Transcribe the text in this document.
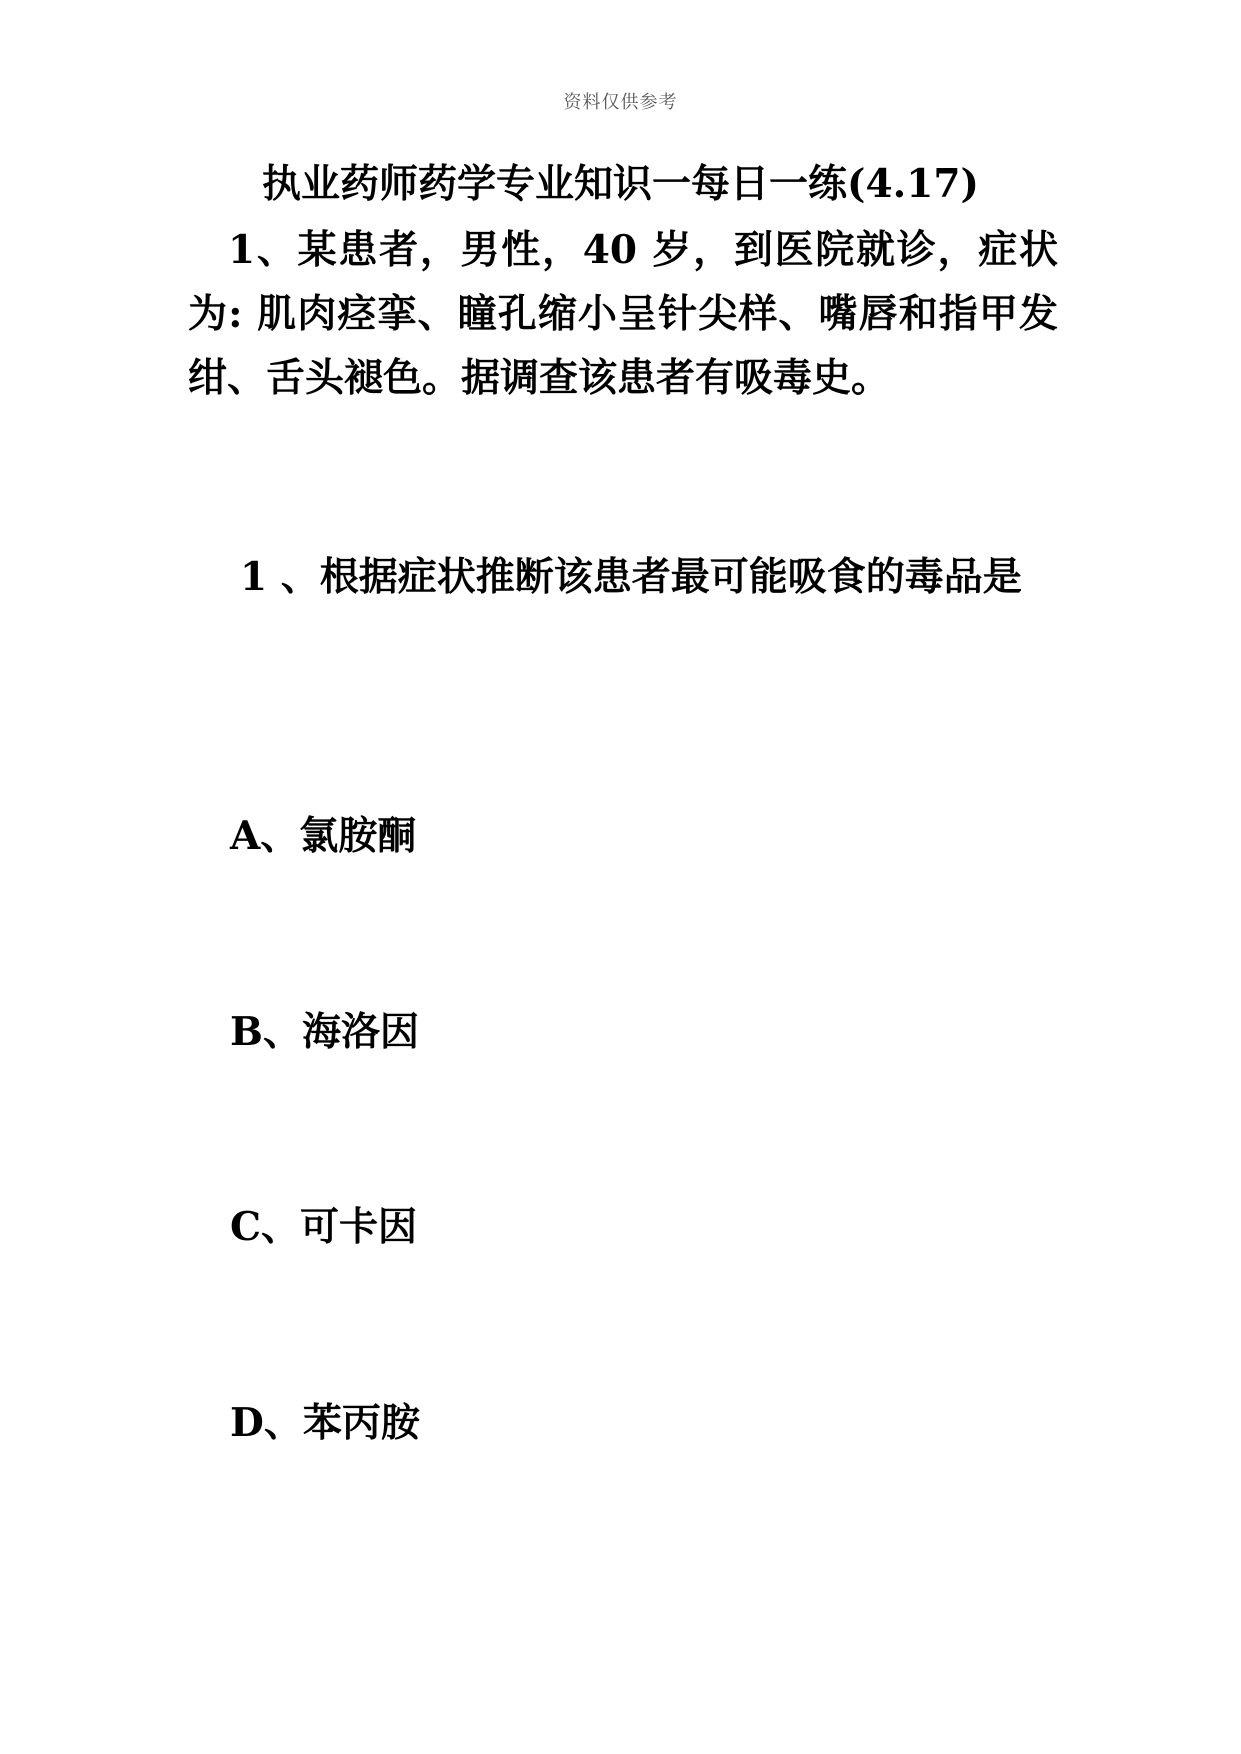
资料仅供参考
执业药师药学专业知识一每日一练(4.17)
1、某患者，男性，40 岁，到医院就诊，症状为: 肌肉痉挛、瞳孔缩小呈针尖样、嘴唇和指甲发绀、舌头褪色。据调查该患者有吸毒史。
1 、根据症状推断该患者最可能吸食的毒品是
A、氯胺酮
B、海洛因
C、可卡因
D、苯丙胺
